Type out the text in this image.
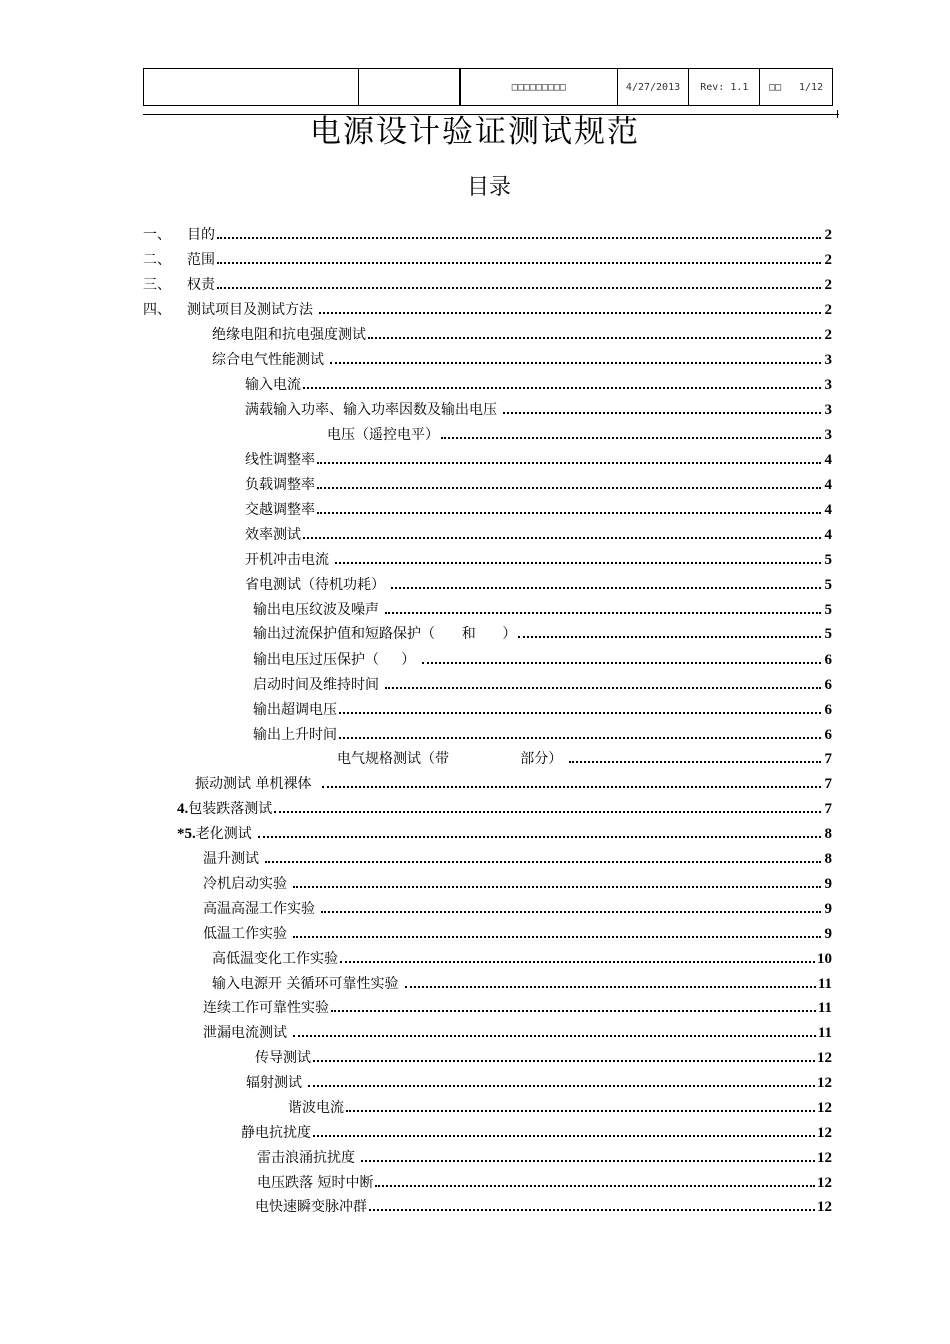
□□□□□□□□□	4/27/2013	Rev: 1.1	□□ 1/12
电源设计验证测试规范
目录
一、	目的	2
二、	范围	2
三、	权责	2
四、	测试项目及测试方法	2
绝缘电阻和抗电强度测试	2
综合电气性能测试	3
输入电流	3
满载输入功率、输入功率因数及输出电压	3
电压（遥控电平）	3
线性调整率	4
负载调整率	4
交越调整率	4
效率测试	4
开机冲击电流	5
省电测试（待机功耗）	5
输出电压纹波及噪声	5
输出过流保护值和短路保护（      和      ）	5
输出电压过压保护（     ）	6
启动时间及维持时间	6
输出超调电压	6
输出上升时间	6
电气规格测试（带                部分）	7
振动测试 单机裸体	7
4. 包装跌落测试	7
*5. 老化测试	8
温升测试	8
冷机启动实验	9
高温高湿工作实验	9
低温工作实验	9
高低温变化工作实验	10
输入电源开 关循环可靠性实验	11
连续工作可靠性实验	11
泄漏电流测试	11
传导测试	12
辐射测试	12
谐波电流	12
静电抗扰度	12
雷击浪涌抗扰度	12
电压跌落 短时中断	12
电快速瞬变脉冲群	12
